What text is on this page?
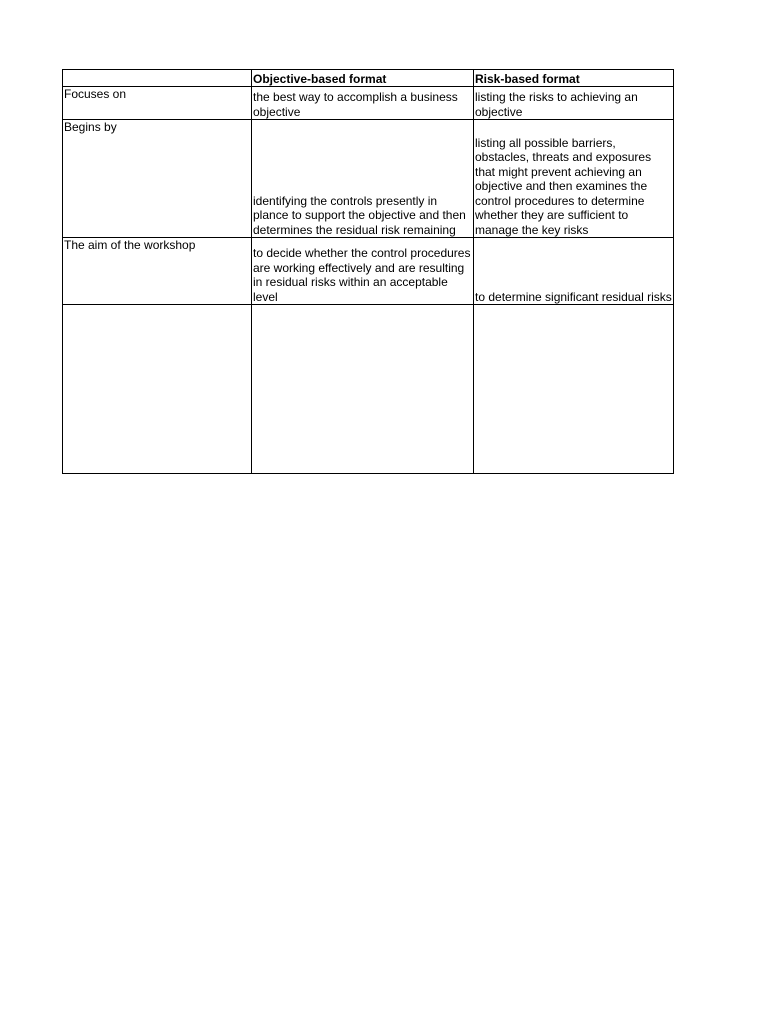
	Objective-based format	Risk-based format
Focuses on	the best way to accomplish a business objective	listing the risks to achieving an objective
Begins by	identifying the controls presently in plance to support the objective and then determines the residual risk remaining	listing all possible barriers, obstacles, threats and exposures that might prevent achieving an objective and then examines the control procedures to determine whether they are sufficient to manage the key risks
The aim of the workshop	to decide whether the control procedures are working effectively and are resulting in residual risks within an acceptable level	to determine significant residual risks
